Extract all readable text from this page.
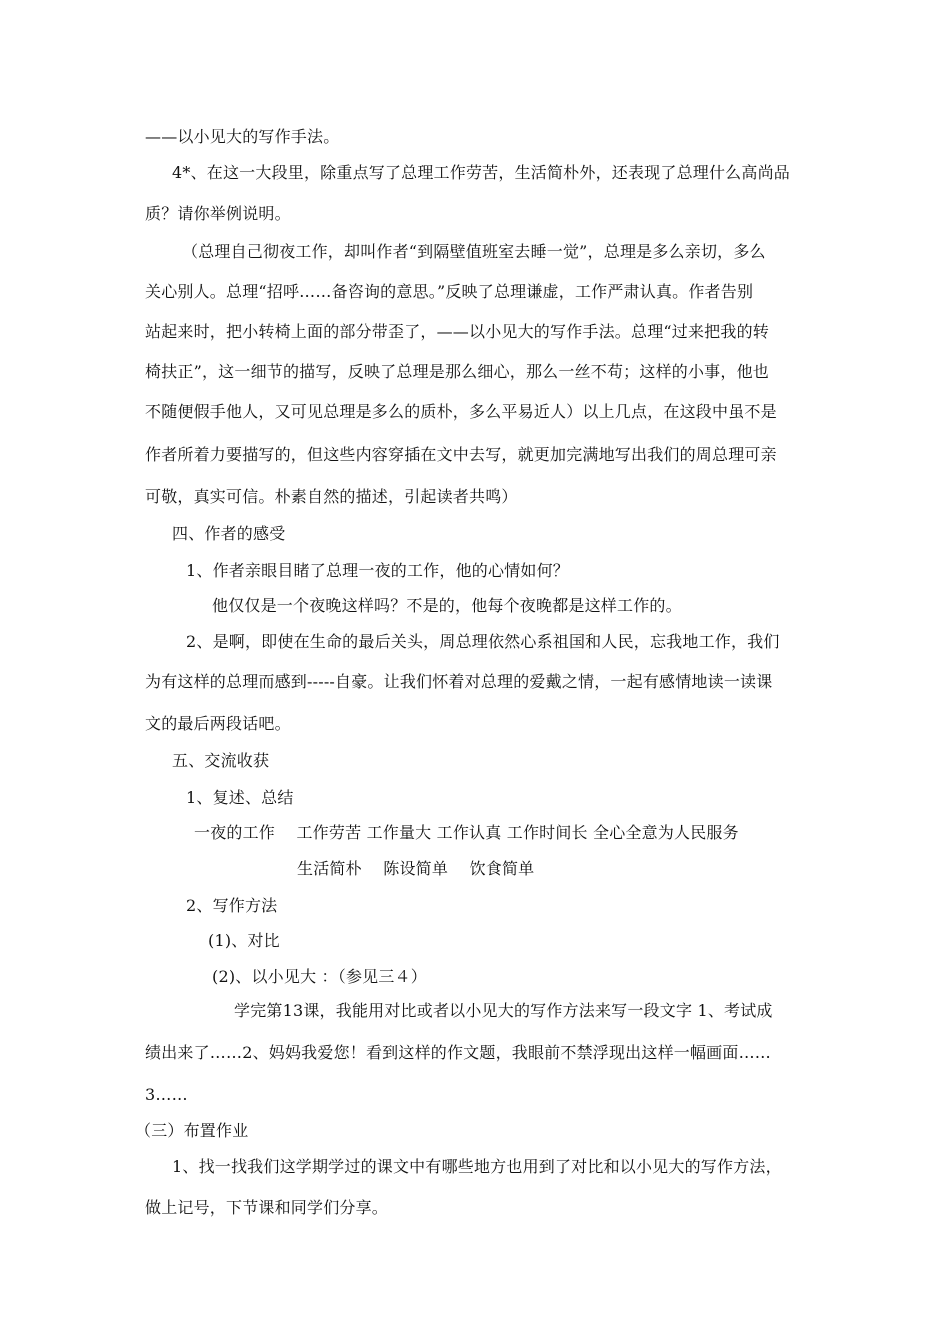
——以小见大的写作手法。
4*、在这一大段里，除重点写了总理工作劳苦，生活简朴外，还表现了总理什么高尚品
质？请你举例说明。
（总理自己彻夜工作，却叫作者“到隔壁值班室去睡一觉”，总理是多么亲切，多么
关心别人。总理“招呼……备咨询的意思。”反映了总理谦虚，工作严肃认真。作者告别
站起来时，把小转椅上面的部分带歪了，——以小见大的写作手法。总理“过来把我的转
椅扶正”，这一细节的描写，反映了总理是那么细心，那么一丝不苟；这样的小事，他也
不随便假手他人，又可见总理是多么的质朴，多么平易近人）以上几点，在这段中虽不是
作者所着力要描写的，但这些内容穿插在文中去写，就更加完满地写出我们的周总理可亲
可敬，真实可信。朴素自然的描述，引起读者共鸣）
四、作者的感受
1、作者亲眼目睹了总理一夜的工作，他的心情如何？
他仅仅是一个夜晚这样吗？不是的，他每个夜晚都是这样工作的。
2、是啊，即使在生命的最后关头，周总理依然心系祖国和人民，忘我地工作，我们
为有这样的总理而感到-----自豪。让我们怀着对总理的爱戴之情，一起有感情地读一读课
文的最后两段话吧。
五、交流收获
1、复述、总结
一夜的工作　 工作劳苦 工作量大 工作认真 工作时间长 全心全意为人民服务
生活简朴　 陈设简单　 饮食简单
2、写作方法
(1)、对比
(2)、以小见大 ：（参见三４）
学完第13课，我能用对比或者以小见大的写作方法来写一段文字 1、考试成
绩出来了……2、妈妈我爱您！看到这样的作文题，我眼前不禁浮现出这样一幅画面……
3……
（三）布置作业
1、找一找我们这学期学过的课文中有哪些地方也用到了对比和以小见大的写作方法，
做上记号，下节课和同学们分享。
